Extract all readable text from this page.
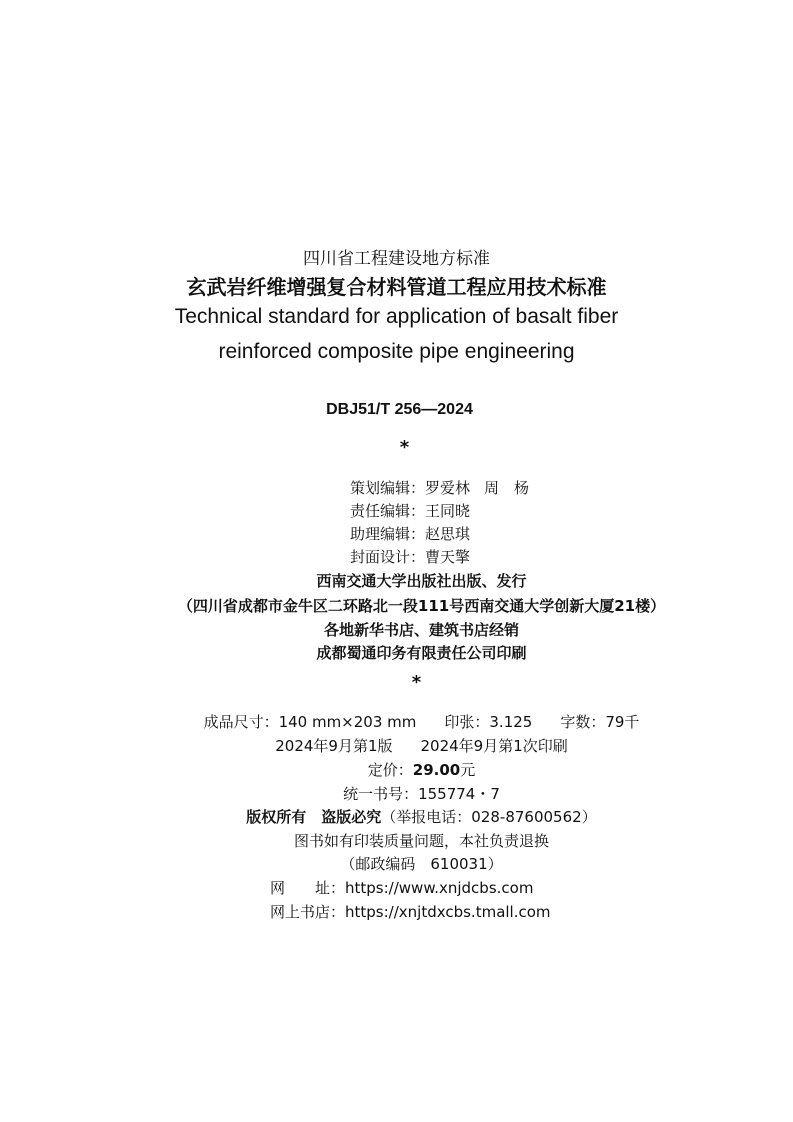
四川省工程建设地方标准
玄武岩纤维增强复合材料管道工程应用技术标准
Technical standard for application of basalt fiber
reinforced composite pipe engineering
DBJ51/T 256—2024
*
策划编辑：罗爱林 周　杨
责任编辑：王同晓
助理编辑：赵思琪
封面设计：曹天擎
西南交通大学出版社出版、发行
（四川省成都市金牛区二环路北一段111号西南交通大学创新大厦21楼）
各地新华书店、建筑书店经销
成都蜀通印务有限责任公司印刷
*
成品尺寸：140 mm×203 mm 印张：3.125 字数：79千
2024年9月第1版 2024年9月第1次印刷
定价：29.00元
统一书号：155774・7
版权所有　盗版必究（举报电话：028-87600562）
图书如有印装质量问题，本社负责退换
（邮政编码　610031）
网　　址：https://www.xnjdcbs.com
网上书店：https://xnjtdxcbs.tmall.com
